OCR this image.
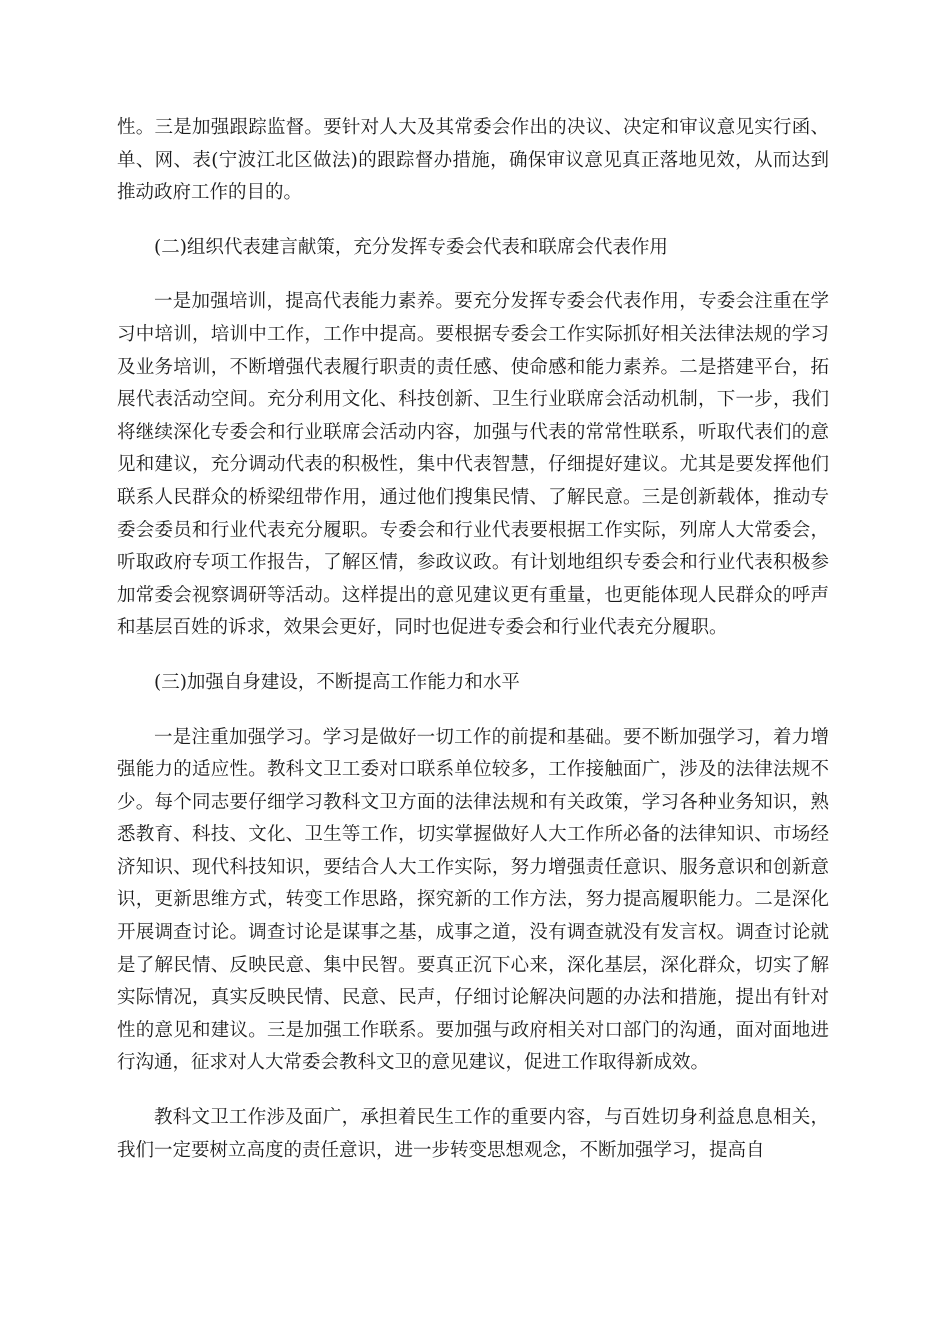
性。三是加强跟踪监督。要针对人大及其常委会作出的决议、决定和审议意见实行函、单、网、表(宁波江北区做法)的跟踪督办措施，确保审议意见真正落地见效，从而达到推动政府工作的目的。

(二)组织代表建言献策，充分发挥专委会代表和联席会代表作用

一是加强培训，提高代表能力素养。要充分发挥专委会代表作用，专委会注重在学习中培训，培训中工作，工作中提高。要根据专委会工作实际抓好相关法律法规的学习及业务培训，不断增强代表履行职责的责任感、使命感和能力素养。二是搭建平台，拓展代表活动空间。充分利用文化、科技创新、卫生行业联席会活动机制，下一步，我们将继续深化专委会和行业联席会活动内容，加强与代表的常常性联系，听取代表们的意见和建议，充分调动代表的积极性，集中代表智慧，仔细提好建议。尤其是要发挥他们联系人民群众的桥梁纽带作用，通过他们搜集民情、了解民意。三是创新载体，推动专委会委员和行业代表充分履职。专委会和行业代表要根据工作实际，列席人大常委会，听取政府专项工作报告，了解区情，参政议政。有计划地组织专委会和行业代表积极参加常委会视察调研等活动。这样提出的意见建议更有重量，也更能体现人民群众的呼声和基层百姓的诉求，效果会更好，同时也促进专委会和行业代表充分履职。

(三)加强自身建设，不断提高工作能力和水平

一是注重加强学习。学习是做好一切工作的前提和基础。要不断加强学习，着力增强能力的适应性。教科文卫工委对口联系单位较多，工作接触面广，涉及的法律法规不少。每个同志要仔细学习教科文卫方面的法律法规和有关政策，学习各种业务知识，熟悉教育、科技、文化、卫生等工作，切实掌握做好人大工作所必备的法律知识、市场经济知识、现代科技知识，要结合人大工作实际，努力增强责任意识、服务意识和创新意识，更新思维方式，转变工作思路，探究新的工作方法，努力提高履职能力。二是深化开展调查讨论。调查讨论是谋事之基，成事之道，没有调查就没有发言权。调查讨论就是了解民情、反映民意、集中民智。要真正沉下心来，深化基层，深化群众，切实了解实际情况，真实反映民情、民意、民声，仔细讨论解决问题的办法和措施，提出有针对性的意见和建议。三是加强工作联系。要加强与政府相关对口部门的沟通，面对面地进行沟通，征求对人大常委会教科文卫的意见建议，促进工作取得新成效。

教科文卫工作涉及面广，承担着民生工作的重要内容，与百姓切身利益息息相关，我们一定要树立高度的责任意识，进一步转变思想观念，不断加强学习，提高自
